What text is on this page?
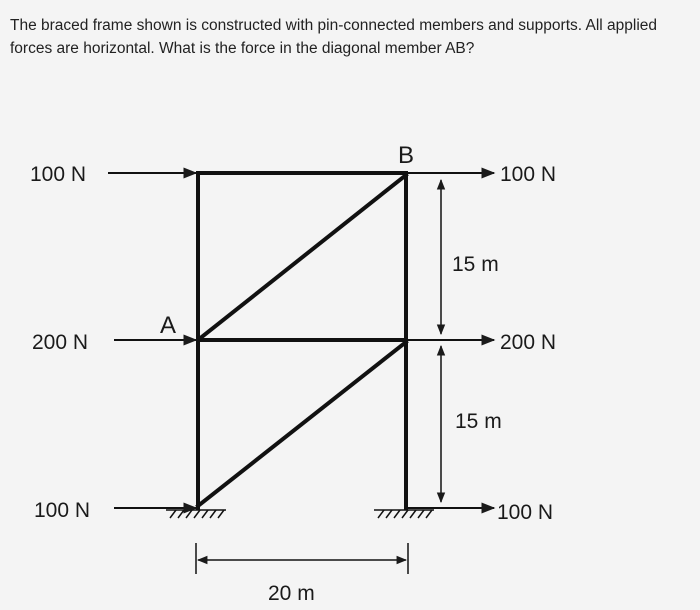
The braced frame shown is constructed with pin-connected members and supports. All applied

forces are horizontal. What is the force in the diagonal member AB?

100 N
200 N
100 N
100 N
200 N
100 N
15 m
15 m
20 m
A
B
